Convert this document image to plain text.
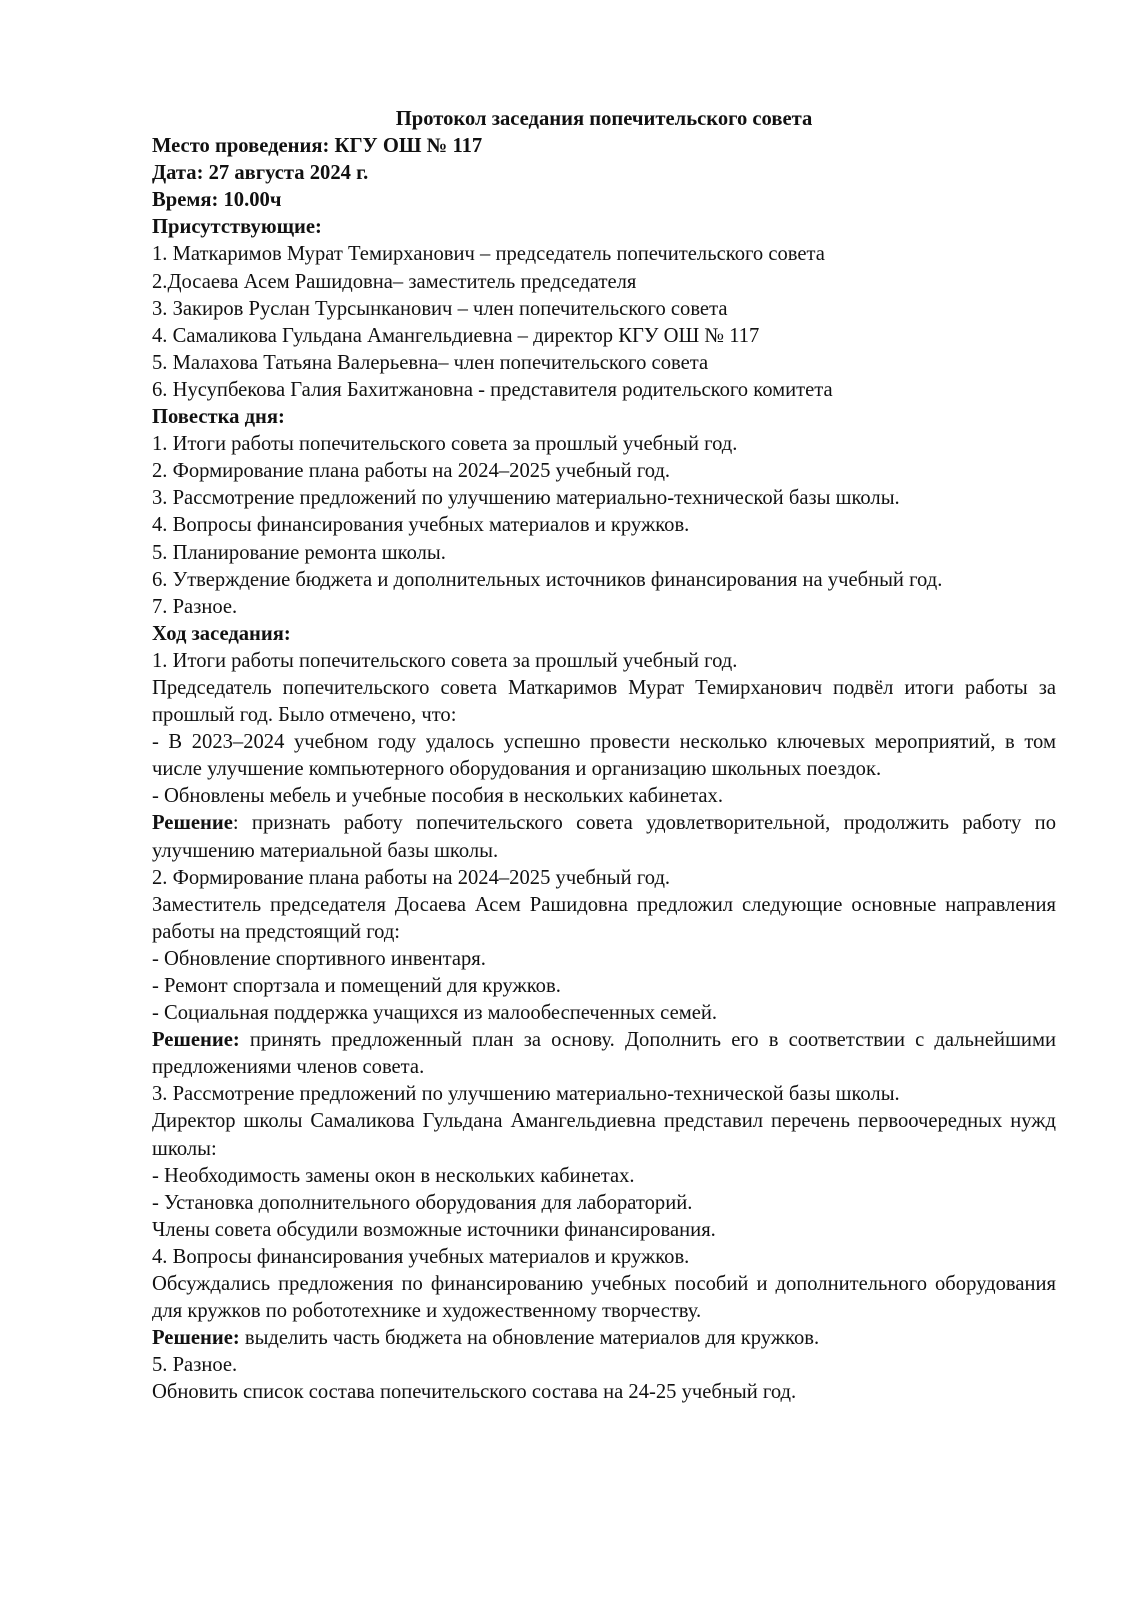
Протокол заседания попечительского совета

Место проведения: КГУ ОШ № 117

Дата: 27 августа 2024 г.

Время: 10.00ч

Присутствующие:

1. Маткаримов Мурат Темирханович – председатель попечительского совета

2.Досаева Асем Рашидовна– заместитель председателя

3. Закиров Руслан Турсынканович – член попечительского совета

4. Самаликова Гульдана Амангельдиевна – директор КГУ ОШ № 117

5. Малахова Татьяна Валерьевна– член попечительского совета

6. Нусупбекова Галия Бахитжановна - представителя родительского комитета

Повестка дня:

1. Итоги работы попечительского совета за прошлый учебный год.

2. Формирование плана работы на 2024–2025 учебный год.

3. Рассмотрение предложений по улучшению материально-технической базы школы.

4. Вопросы финансирования учебных материалов и кружков.

5. Планирование ремонта школы.

6. Утверждение бюджета и дополнительных источников финансирования на учебный год.

7. Разное.

Ход заседания:

1. Итоги работы попечительского совета за прошлый учебный год.

Председатель попечительского совета Маткаримов Мурат Темирханович подвёл итоги работы за прошлый год. Было отмечено, что:

- В 2023–2024 учебном году удалось успешно провести несколько ключевых мероприятий, в том числе улучшение компьютерного оборудования и организацию школьных поездок.

- Обновлены мебель и учебные пособия в нескольких кабинетах.

Решение: признать работу попечительского совета удовлетворительной, продолжить работу по улучшению материальной базы школы.

2. Формирование плана работы на 2024–2025 учебный год.

Заместитель председателя Досаева Асем Рашидовна предложил следующие основные направления работы на предстоящий год:

- Обновление спортивного инвентаря.

- Ремонт спортзала и помещений для кружков.

- Социальная поддержка учащихся из малообеспеченных семей.

Решение: принять предложенный план за основу. Дополнить его в соответствии с дальнейшими предложениями членов совета.

3. Рассмотрение предложений по улучшению материально-технической базы школы.

Директор школы Самаликова Гульдана Амангельдиевна представил перечень первоочередных нужд школы:

- Необходимость замены окон в нескольких кабинетах.

- Установка дополнительного оборудования для лабораторий.

Члены совета обсудили возможные источники финансирования.

4. Вопросы финансирования учебных материалов и кружков.

Обсуждались предложения по финансированию учебных пособий и дополнительного оборудования для кружков по робототехнике и художественному творчеству.

Решение: выделить часть бюджета на обновление материалов для кружков.

5. Разное.

Обновить список состава попечительского состава на 24-25 учебный год.
